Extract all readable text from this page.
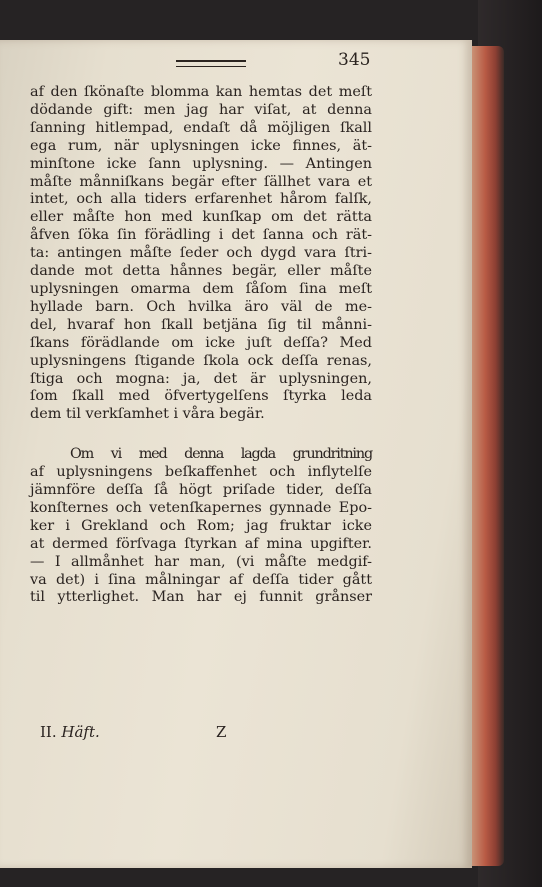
345
af den ſkönaſte blomma kan hemtas det meſt
dödande gift: men jag har viſat, at denna
ſanning hitlempad, endaſt då möjligen ſkall
ega rum, när uplysningen icke finnes, ät-
minſtone icke ſann uplysning. — Antingen
måſte månniſkans begär efter ſällhet vara et
intet, och alla tiders erfarenhet hårom falſk,
eller måſte hon med kunſkap om det rätta
åfven ſöka ſin förädling i det ſanna och rät-
ta: antingen måſte ſeder och dygd vara ſtri-
dande mot detta hånnes begär, eller måſte
uplysningen omarma dem ſåſom ſina meſt
hyllade barn. Och hvilka äro väl de me-
del, hvaraf hon ſkall betjäna ſig til månni-
ſkans förädlande om icke juſt deſſa? Med
uplysningens ſtigande ſkola ock deſſa renas,
ſtiga och mogna: ja, det är uplysningen,
ſom ſkall med öfvertygelſens ſtyrka leda
dem til verkſamhet i våra begär.
Om vi med denna lagda grundritning
af uplysningens beſkaffenhet och inflytelſe
jämnföre deſſa ſå högt priſade tider, deſſa
konſternes och vetenſkapernes gynnade Epo-
ker i Grekland och Rom; jag fruktar icke
at dermed förſvaga ſtyrkan af mina upgifter.
— I allmånhet har man, (vi måſte medgif-
va det) i ſina målningar af deſſa tider gått
til ytterlighet. Man har ej funnit grånser
II. Häft.	Z
